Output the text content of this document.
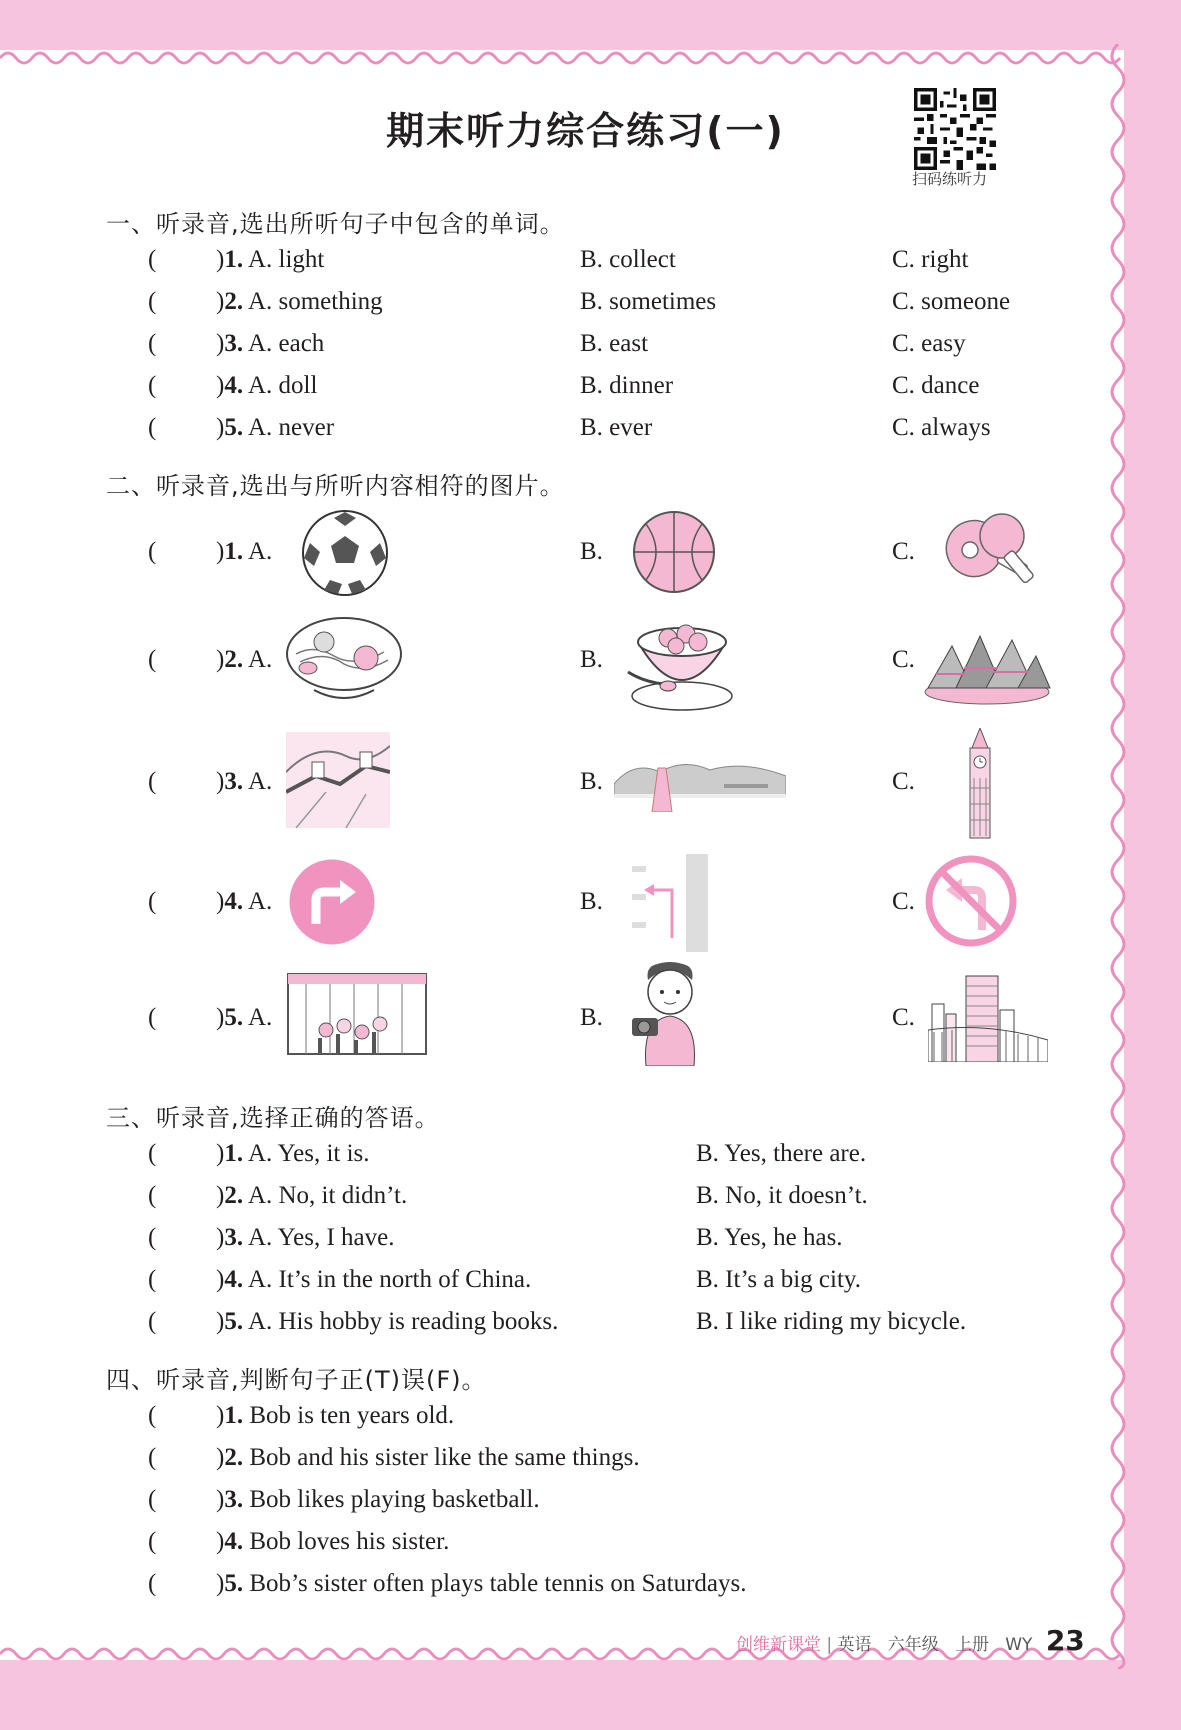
期末听力综合练习(一)
扫码练听力
一、听录音,选出所听句子中包含的单词。
( )1. A. light	B. collect	C. right
( )2. A. something	B. sometimes	C. someone
( )3. A. each	B. east	C. easy
( )4. A. doll	B. dinner	C. dance
( )5. A. never	B. ever	C. always
二、听录音,选出与所听内容相符的图片。
( )1. A.	B.	C.
( )2. A.	B.	C.
( )3. A.	B.	C.
( )4. A.	B.	C.
( )5. A.	B.	C.
三、听录音,选择正确的答语。
( )1. A. Yes, it is.	B. Yes, there are.
( )2. A. No, it didn’t.	B. No, it doesn’t.
( )3. A. Yes, I have.	B. Yes, he has.
( )4. A. It’s in the north of China.	B. It’s a big city.
( )5. A. His hobby is reading books.	B. I like riding my bicycle.
四、听录音,判断句子正(T)误(F)。
( )1. Bob is ten years old.
( )2. Bob and his sister like the same things.
( )3. Bob likes playing basketball.
( )4. Bob loves his sister.
( )5. Bob’s sister often plays table tennis on Saturdays.
创维新课堂 | 英语 六年级 上册 WY 23
